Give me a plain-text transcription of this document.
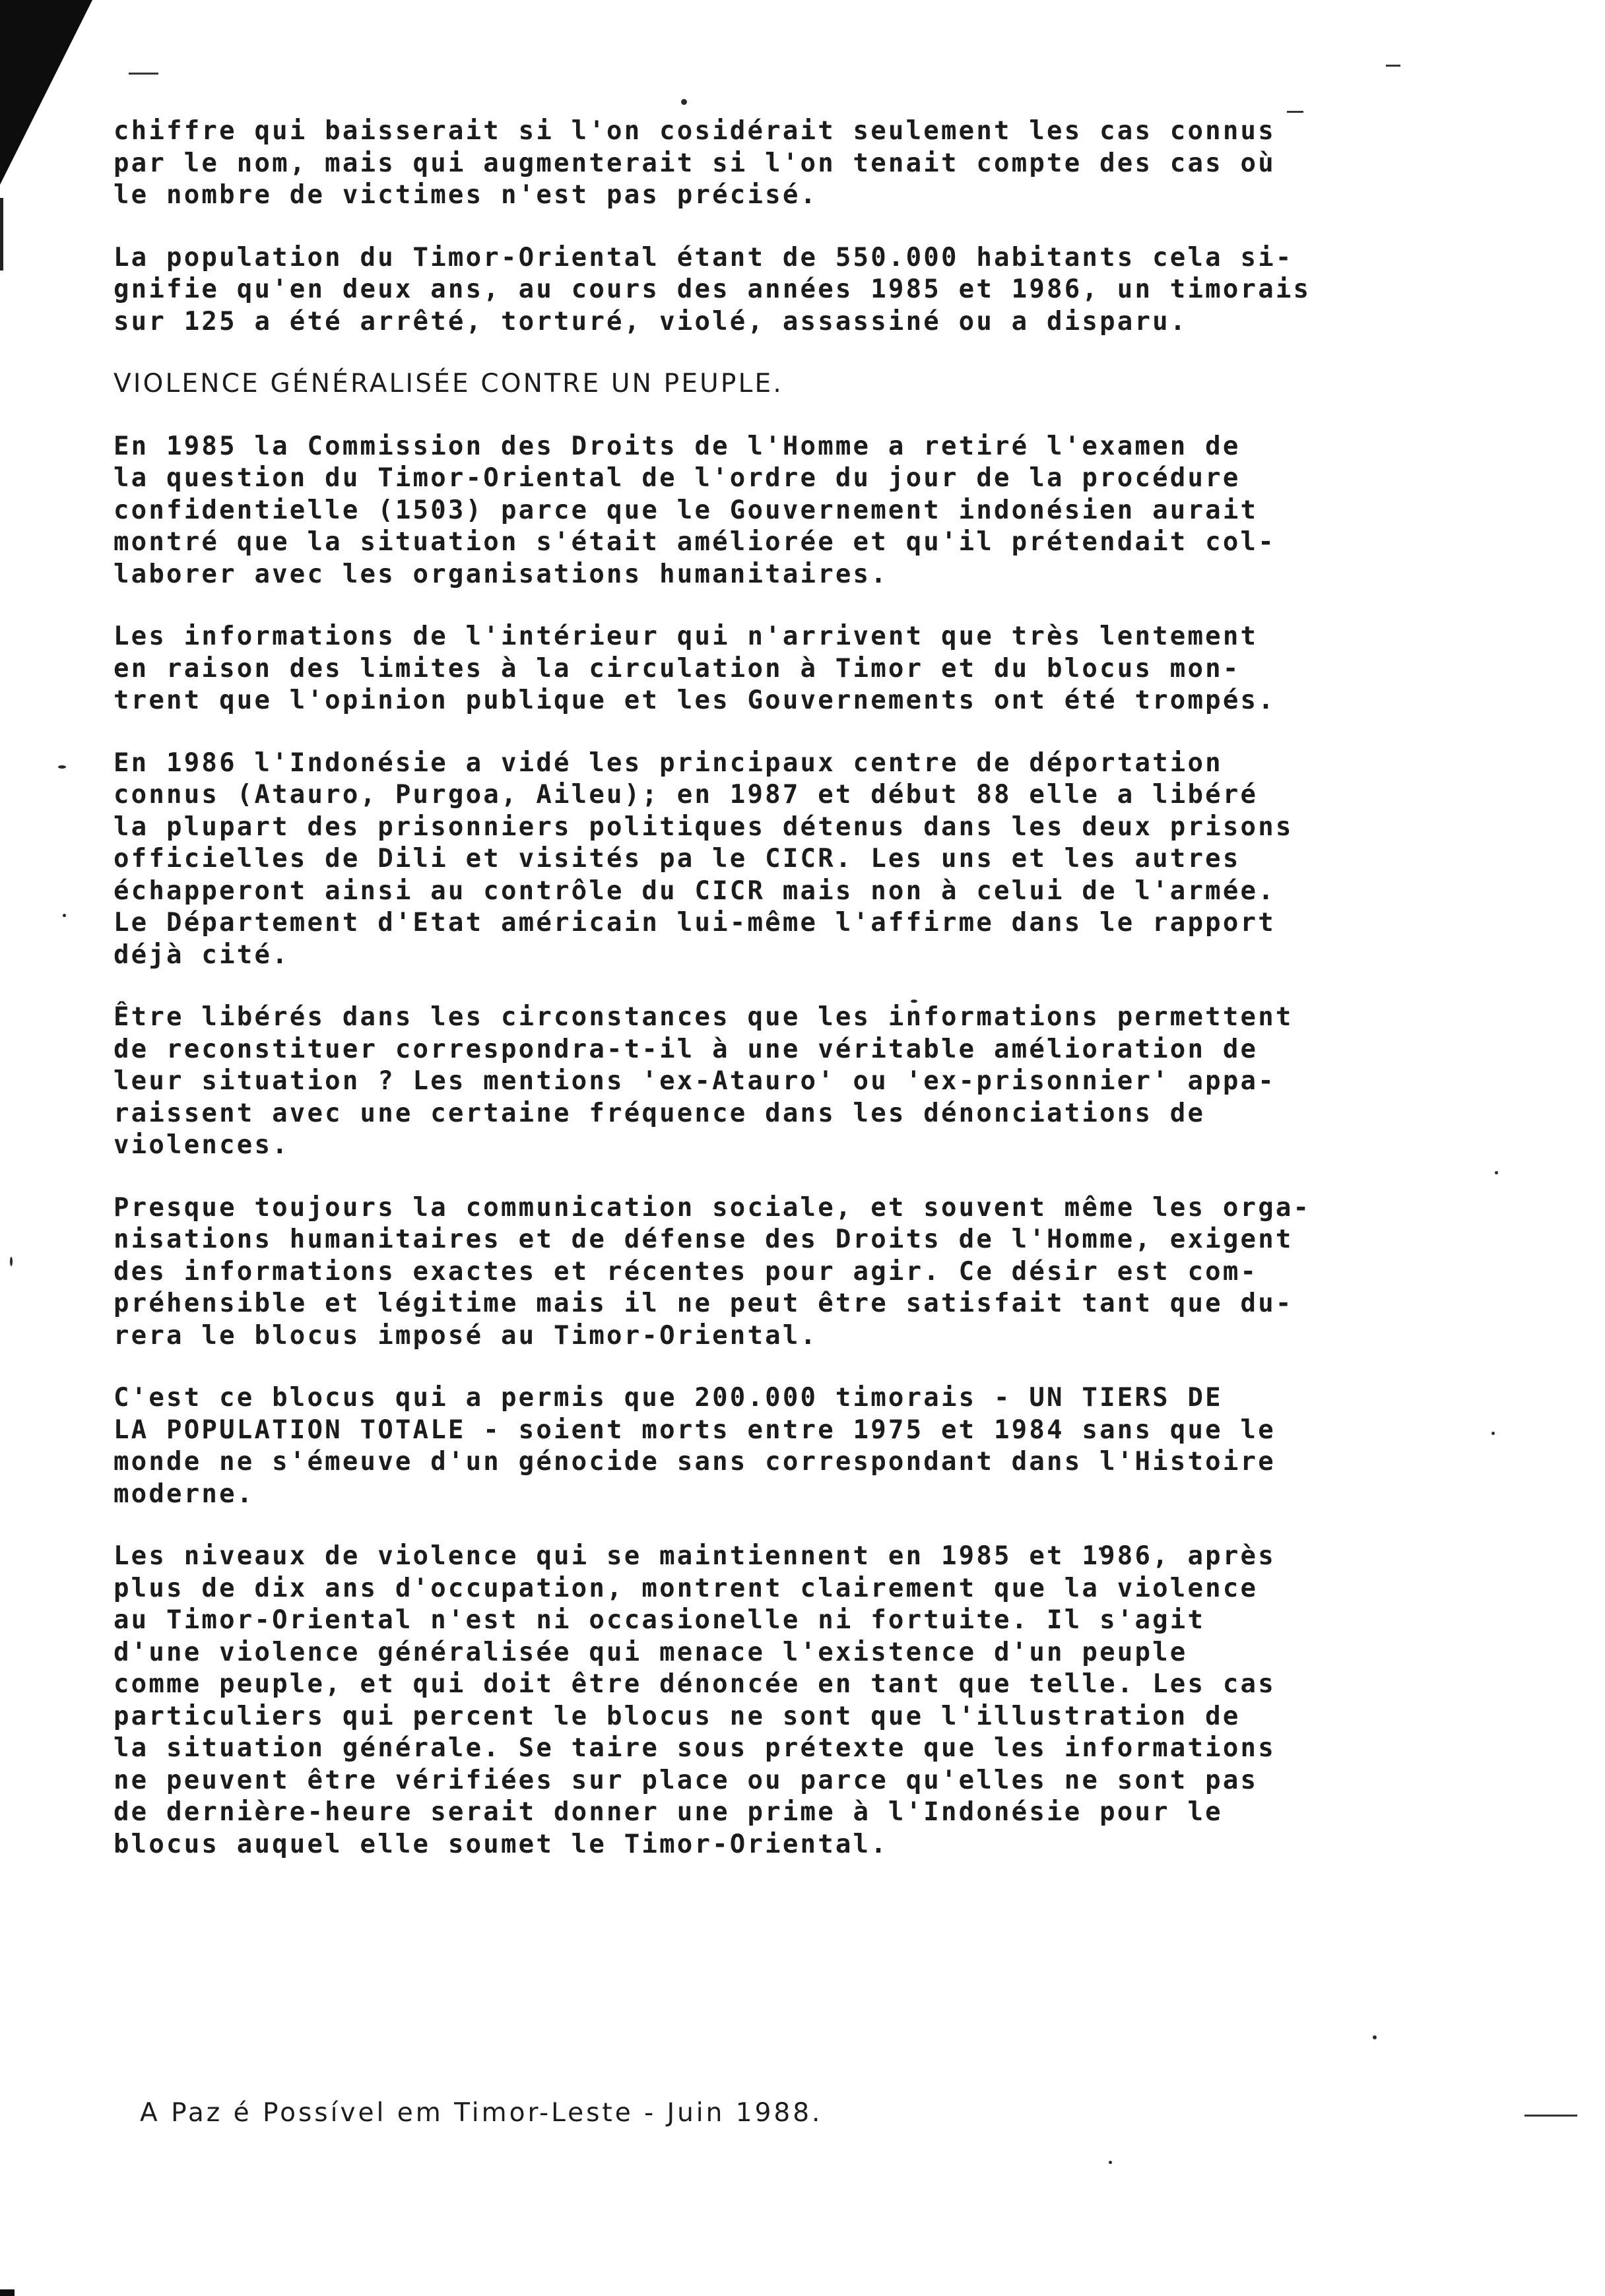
chiffre qui baisserait si l'on cosidérait seulement les cas connus
par le nom, mais qui augmenterait si l'on tenait compte des cas où
le nombre de victimes n'est pas précisé.

La population du Timor-Oriental étant de 550.000 habitants cela si-
gnifie qu'en deux ans, au cours des années 1985 et 1986, un timorais
sur 125 a été arrêté, torturé, violé, assassiné ou a disparu.

VIOLENCE GÉNÉRALISÉE CONTRE UN PEUPLE.

En 1985 la Commission des Droits de l'Homme a retiré l'examen de
la question du Timor-Oriental de l'ordre du jour de la procédure
confidentielle (1503) parce que le Gouvernement indonésien aurait
montré que la situation s'était améliorée et qu'il prétendait col-
laborer avec les organisations humanitaires.

Les informations de l'intérieur qui n'arrivent que très lentement
en raison des limites à la circulation à Timor et du blocus mon-
trent que l'opinion publique et les Gouvernements ont été trompés.

En 1986 l'Indonésie a vidé les principaux centre de déportation
connus (Atauro, Purgoa, Aileu); en 1987 et début 88 elle a libéré
la plupart des prisonniers politiques détenus dans les deux prisons
officielles de Dili et visités pa le CICR. Les uns et les autres
échapperont ainsi au contrôle du CICR mais non à celui de l'armée.
Le Département d'Etat américain lui-même l'affirme dans le rapport
déjà cité.

Être libérés dans les circonstances que les informations permettent
de reconstituer correspondra-t-il à une véritable amélioration de
leur situation ? Les mentions 'ex-Atauro' ou 'ex-prisonnier' appa-
raissent avec une certaine fréquence dans les dénonciations de
violences.

Presque toujours la communication sociale, et souvent même les orga-
nisations humanitaires et de défense des Droits de l'Homme, exigent
des informations exactes et récentes pour agir. Ce désir est com-
préhensible et légitime mais il ne peut être satisfait tant que du-
rera le blocus imposé au Timor-Oriental.

C'est ce blocus qui a permis que 200.000 timorais - UN TIERS DE
LA POPULATION TOTALE - soient morts entre 1975 et 1984 sans que le
monde ne s'émeuve d'un génocide sans correspondant dans l'Histoire
moderne.

Les niveaux de violence qui se maintiennent en 1985 et 1986, après
plus de dix ans d'occupation, montrent clairement que la violence
au Timor-Oriental n'est ni occasionelle ni fortuite. Il s'agit
d'une violence généralisée qui menace l'existence d'un peuple
comme peuple, et qui doit être dénoncée en tant que telle. Les cas
particuliers qui percent le blocus ne sont que l'illustration de
la situation générale. Se taire sous prétexte que les informations
ne peuvent être vérifiées sur place ou parce qu'elles ne sont pas
de dernière-heure serait donner une prime à l'Indonésie pour le
blocus auquel elle soumet le Timor-Oriental.

A Paz é Possível em Timor-Leste - Juin 1988.
